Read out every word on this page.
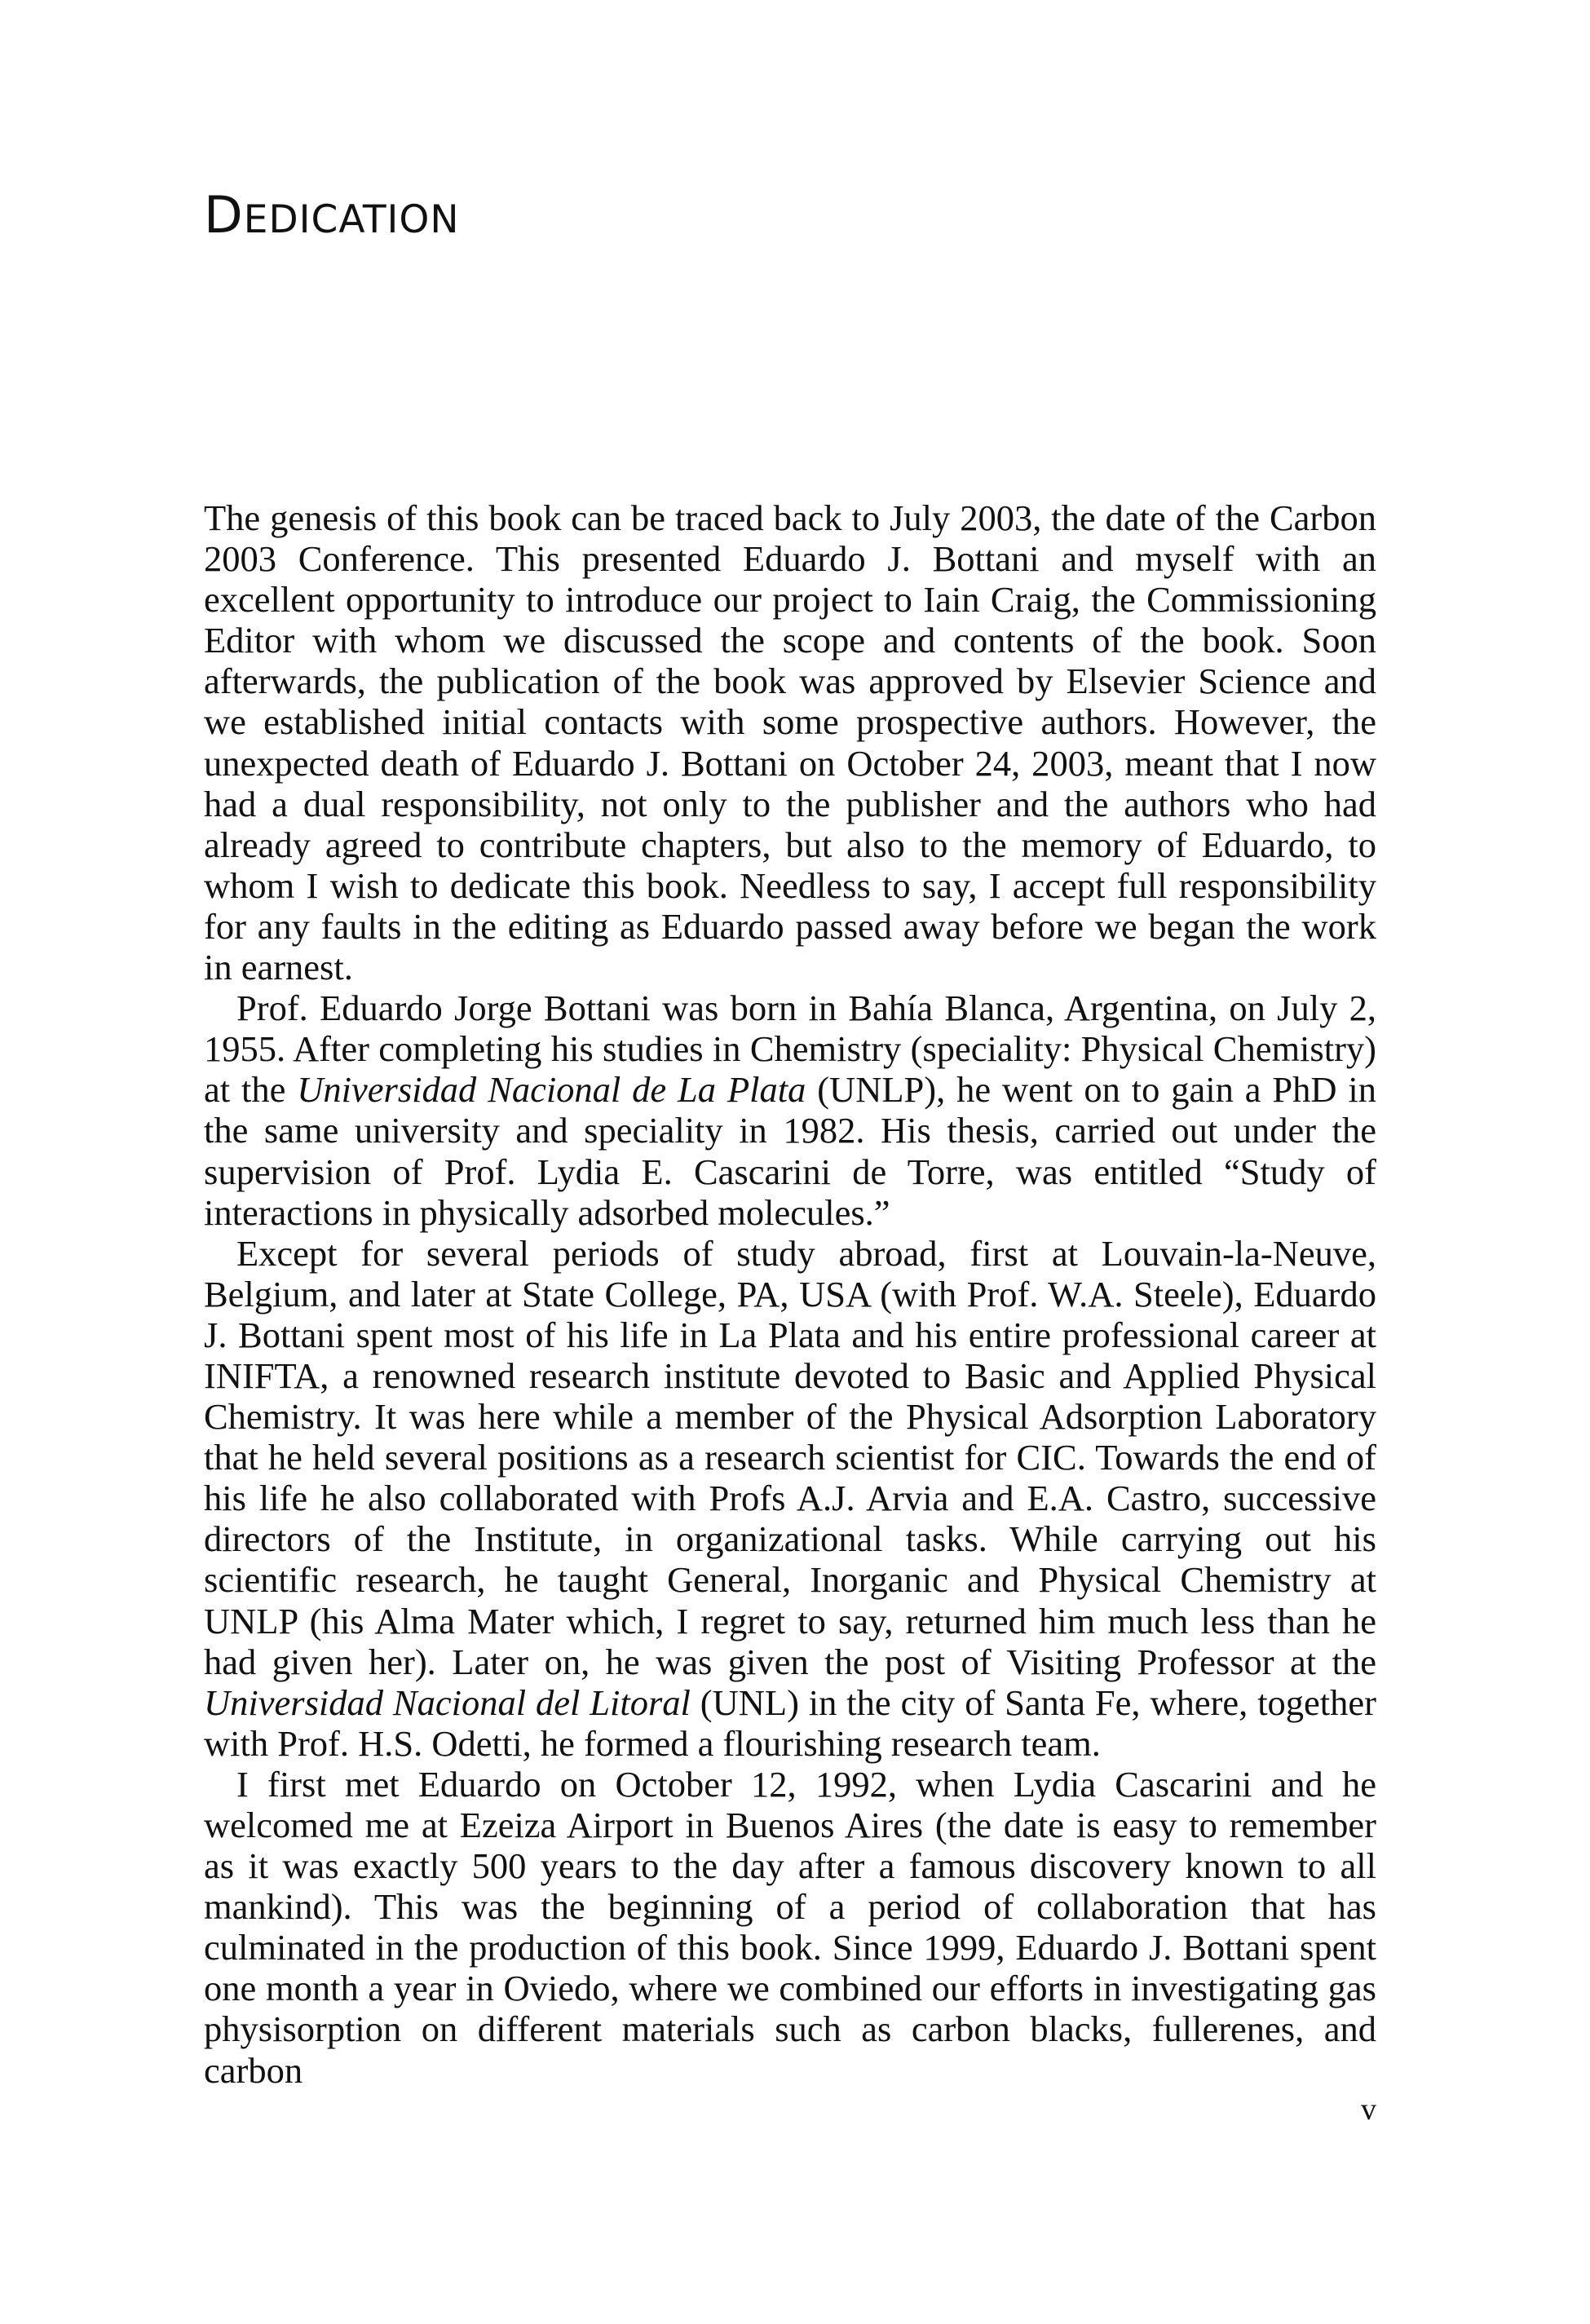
DEDICATION

The genesis of this book can be traced back to July 2003, the date of the Carbon 2003 Conference. This presented Eduardo J. Bottani and myself with an excellent opportunity to introduce our project to Iain Craig, the Commissioning Editor with whom we discussed the scope and contents of the book. Soon afterwards, the publication of the book was approved by Elsevier Science and we established initial contacts with some prospective authors. However, the unexpected death of Eduardo J. Bottani on October 24, 2003, meant that I now had a dual responsibility, not only to the publisher and the authors who had already agreed to contribute chapters, but also to the memory of Eduardo, to whom I wish to dedicate this book. Needless to say, I accept full responsibility for any faults in the editing as Eduardo passed away before we began the work in earnest.

Prof. Eduardo Jorge Bottani was born in Bahía Blanca, Argentina, on July 2, 1955. After completing his studies in Chemistry (speciality: Physical Chemistry) at the Universidad Nacional de La Plata (UNLP), he went on to gain a PhD in the same university and speciality in 1982. His thesis, carried out under the supervision of Prof. Lydia E. Cascarini de Torre, was entitled “Study of interactions in physically adsorbed molecules.”

Except for several periods of study abroad, first at Louvain-la-Neuve, Belgium, and later at State College, PA, USA (with Prof. W.A. Steele), Eduardo J. Bottani spent most of his life in La Plata and his entire professional career at INIFTA, a renowned research institute devoted to Basic and Applied Physical Chemistry. It was here while a member of the Physical Adsorption Laboratory that he held several positions as a research scientist for CIC. Towards the end of his life he also collaborated with Profs A.J. Arvia and E.A. Castro, successive directors of the Institute, in organizational tasks. While carrying out his scientific research, he taught General, Inorganic and Physical Chemistry at UNLP (his Alma Mater which, I regret to say, returned him much less than he had given her). Later on, he was given the post of Visiting Professor at the Universidad Nacional del Litoral (UNL) in the city of Santa Fe, where, together with Prof. H.S. Odetti, he formed a flourishing research team.

I first met Eduardo on October 12, 1992, when Lydia Cascarini and he welcomed me at Ezeiza Airport in Buenos Aires (the date is easy to remember as it was exactly 500 years to the day after a famous discovery known to all mankind). This was the beginning of a period of collaboration that has culminated in the production of this book. Since 1999, Eduardo J. Bottani spent one month a year in Oviedo, where we combined our efforts in investigating gas physisorption on different materials such as carbon blacks, fullerenes, and carbon

v
